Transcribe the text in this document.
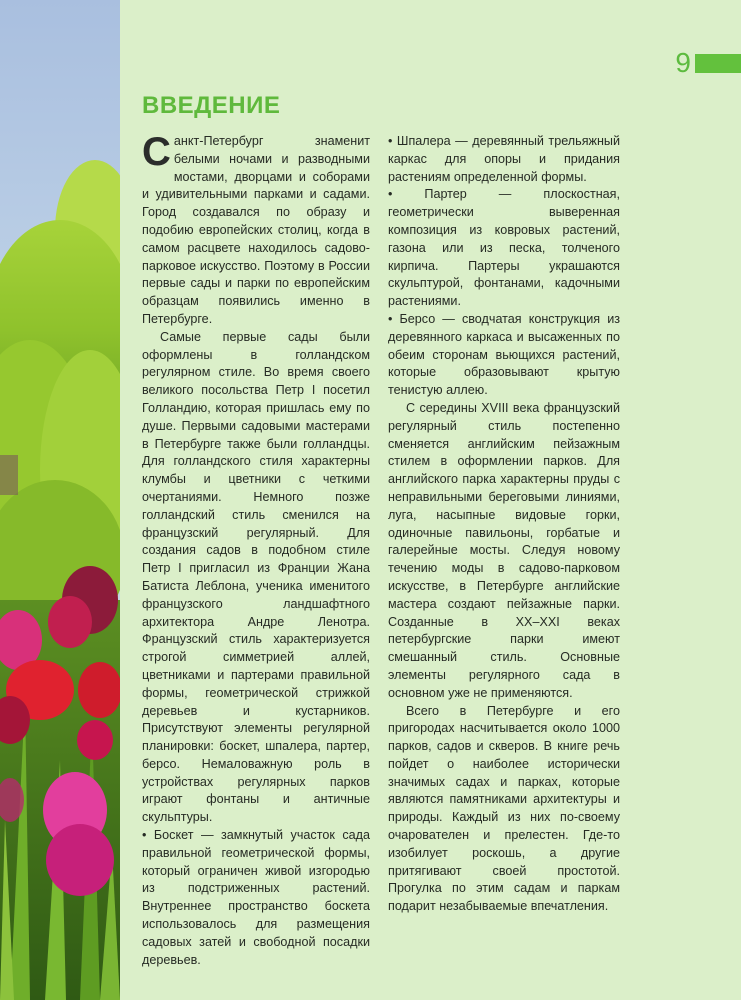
9
ВВЕДЕНИЕ

Санкт-Петербург знаменит белыми ночами и разводными мостами, дворцами и соборами и удивительными парками и садами. Город создавался по образу и подобию европейских столиц, когда в самом расцвете находилось садово-парковое искусство. Поэтому в России первые сады и парки по европейским образцам появились именно в Петербурге.

Самые первые сады были оформлены в голландском регулярном стиле. Во время своего великого посольства Петр I посетил Голландию, которая пришлась ему по душе. Первыми садовыми мастерами в Петербурге также были голландцы. Для голландского стиля характерны клумбы и цветники с четкими очертаниями. Немного позже голландский стиль сменился на французский регулярный. Для создания садов в подобном стиле Петр I пригласил из Франции Жана Батиста Леблона, ученика именитого французского ландшафтного архитектора Андре Ленотра. Французский стиль характеризуется строгой симметрией аллей, цветниками и партерами правильной формы, геометрической стрижкой деревьев и кустарников. Присутствуют элементы регулярной планировки: боскет, шпалера, партер, берсо. Немаловажную роль в устройствах регулярных парков играют фонтаны и античные скульптуры.

• Боскет — замкнутый участок сада правильной геометрической формы, который ограничен живой изгородью из подстриженных растений. Внутреннее пространство боскета использовалось для размещения садовых затей и свободной посадки деревьев.

• Шпалера — деревянный трельяжный каркас для опоры и придания растениям определенной формы.

• Партер — плоскостная, геометрически выверенная композиция из ковровых растений, газона или из песка, толченого кирпича. Партеры украшаются скульптурой, фонтанами, кадочными растениями.

• Берсо — сводчатая конструкция из деревянного каркаса и высаженных по обеим сторонам вьющихся растений, которые образовывают крытую тенистую аллею.

С середины XVIII века французский регулярный стиль постепенно сменяется английским пейзажным стилем в оформлении парков. Для английского парка характерны пруды с неправильными береговыми линиями, луга, насыпные видовые горки, одиночные павильоны, горбатые и галерейные мосты. Следуя новому течению моды в садово-парковом искусстве, в Петербурге английские мастера создают пейзажные парки. Созданные в XX–XXI веках петербургские парки имеют смешанный стиль. Основные элементы регулярного сада в основном уже не применяются.

Всего в Петербурге и его пригородах насчитывается около 1000 парков, садов и скверов. В книге речь пойдет о наиболее исторически значимых садах и парках, которые являются памятниками архитектуры и природы. Каждый из них по-своему очарователен и прелестен. Где-то изобилует роскошь, а другие притягивают своей простотой. Прогулка по этим садам и паркам подарит незабываемые впечатления.
